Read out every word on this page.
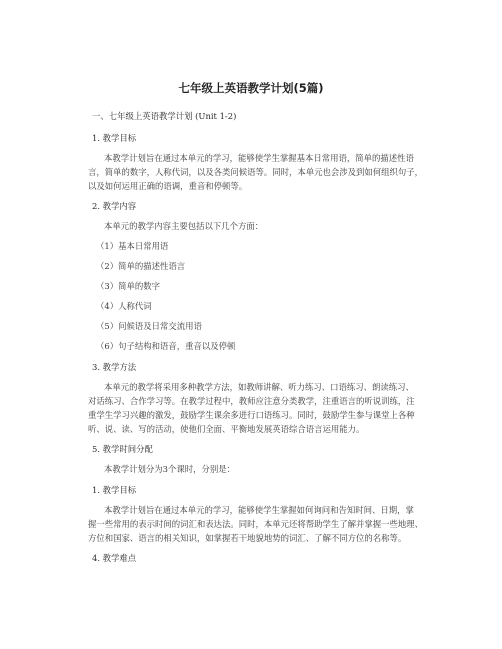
七年级上英语教学计划(5篇)
一、七年级上英语教学计划 (Unit 1-2)
1. 教学目标
本教学计划旨在通过本单元的学习，能够使学生掌握基本日常用语，简单的描述性语
言，简单的数字，人称代词，以及各类问候语等。同时，本单元也会涉及到如何组织句子，
以及如何运用正确的语调，重音和停顿等。
2. 教学内容
本单元的教学内容主要包括以下几个方面：
（1）基本日常用语
（2）简单的描述性语言
（3）简单的数字
（4）人称代词
（5）问候语及日常交流用语
（6）句子结构和语音，重音以及停顿
3. 教学方法
本单元的教学将采用多种教学方法，如教师讲解、听力练习、口语练习、朗读练习、
对话练习、合作学习等。在教学过程中，教师应注意分类教学，注重语言的听说训练，注
重学生学习兴趣的激发，鼓励学生课余多进行口语练习。同时，鼓励学生参与课堂上各种
听、说、读、写的活动，使他们全面、平衡地发展英语综合语言运用能力。
5. 教学时间分配
本教学计划分为3个课时，分别是：
1. 教学目标
本教学计划旨在通过本单元的学习，能够使学生掌握如何询问和告知时间、日期，掌
握一些常用的表示时间的词汇和表达法。同时，本单元还将帮助学生了解并掌握一些地理、
方位和国家、语言的相关知识，如掌握若干地貌地势的词汇、了解不同方位的名称等。
4. 教学难点
